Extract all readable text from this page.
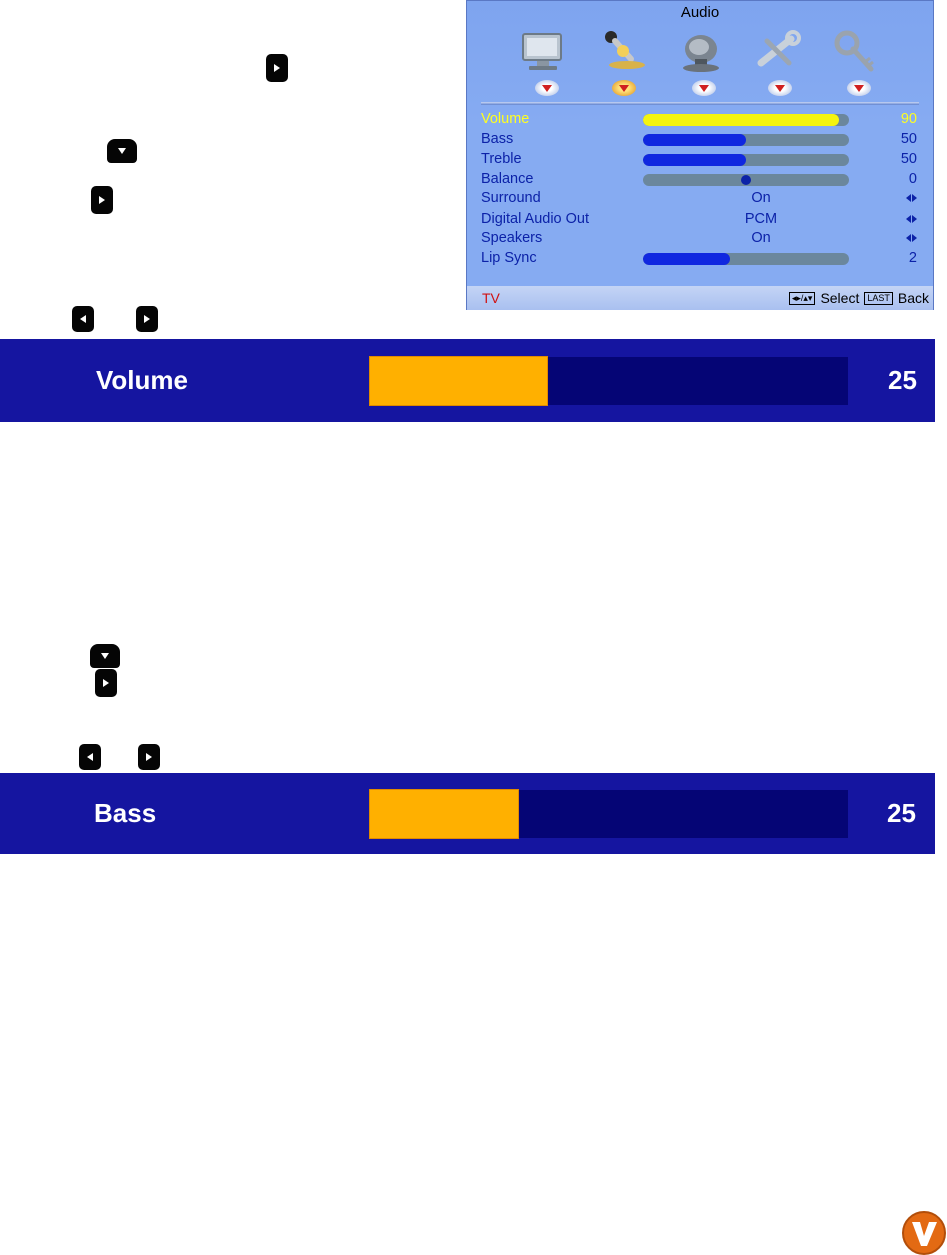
Audio
Volume	90
Bass	50
Treble	50
Balance	0
Surround	On
Digital Audio Out	PCM
Speakers	On
Lip Sync	2
TV	◂▸/▴▾ Select LAST Back
Volume	25
Bass	25
